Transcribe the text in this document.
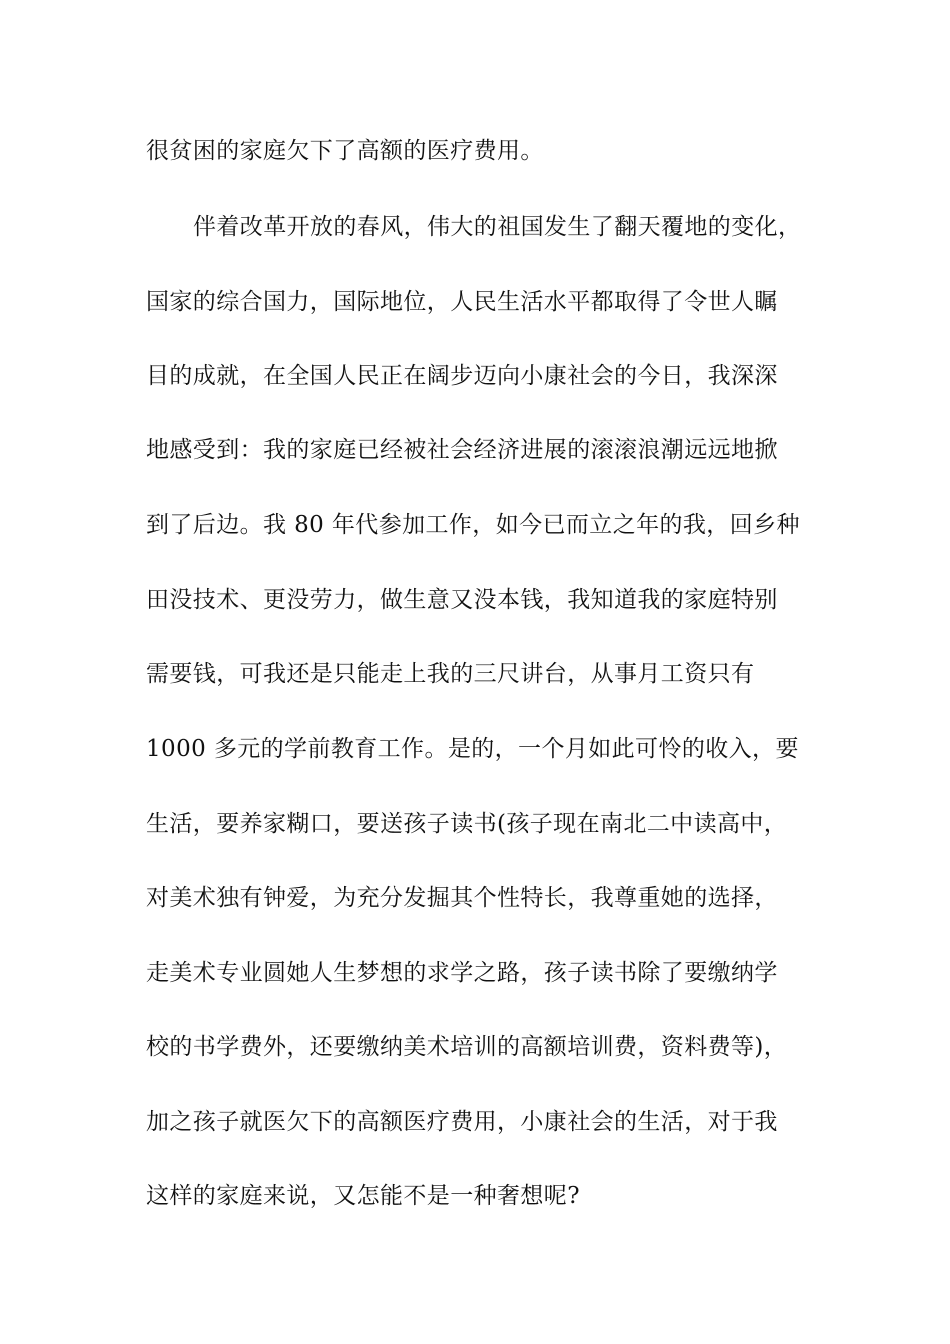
很贫困的家庭欠下了高额的医疗费用。
伴着改革开放的春风，伟大的祖国发生了翻天覆地的变化，
国家的综合国力，国际地位，人民生活水平都取得了令世人瞩
目的成就，在全国人民正在阔步迈向小康社会的今日，我深深
地感受到：我的家庭已经被社会经济进展的滚滚浪潮远远地掀
到了后边。我 80 年代参加工作，如今已而立之年的我，回乡种
田没技术、更没劳力，做生意又没本钱，我知道我的家庭特别
需要钱，可我还是只能走上我的三尺讲台，从事月工资只有
1000 多元的学前教育工作。是的，一个月如此可怜的收入，要
生活，要养家糊口，要送孩子读书(孩子现在南北二中读高中，
对美术独有钟爱，为充分发掘其个性特长，我尊重她的选择，
走美术专业圆她人生梦想的求学之路，孩子读书除了要缴纳学
校的书学费外，还要缴纳美术培训的高额培训费，资料费等)，
加之孩子就医欠下的高额医疗费用，小康社会的生活，对于我
这样的家庭来说，又怎能不是一种奢想呢?
